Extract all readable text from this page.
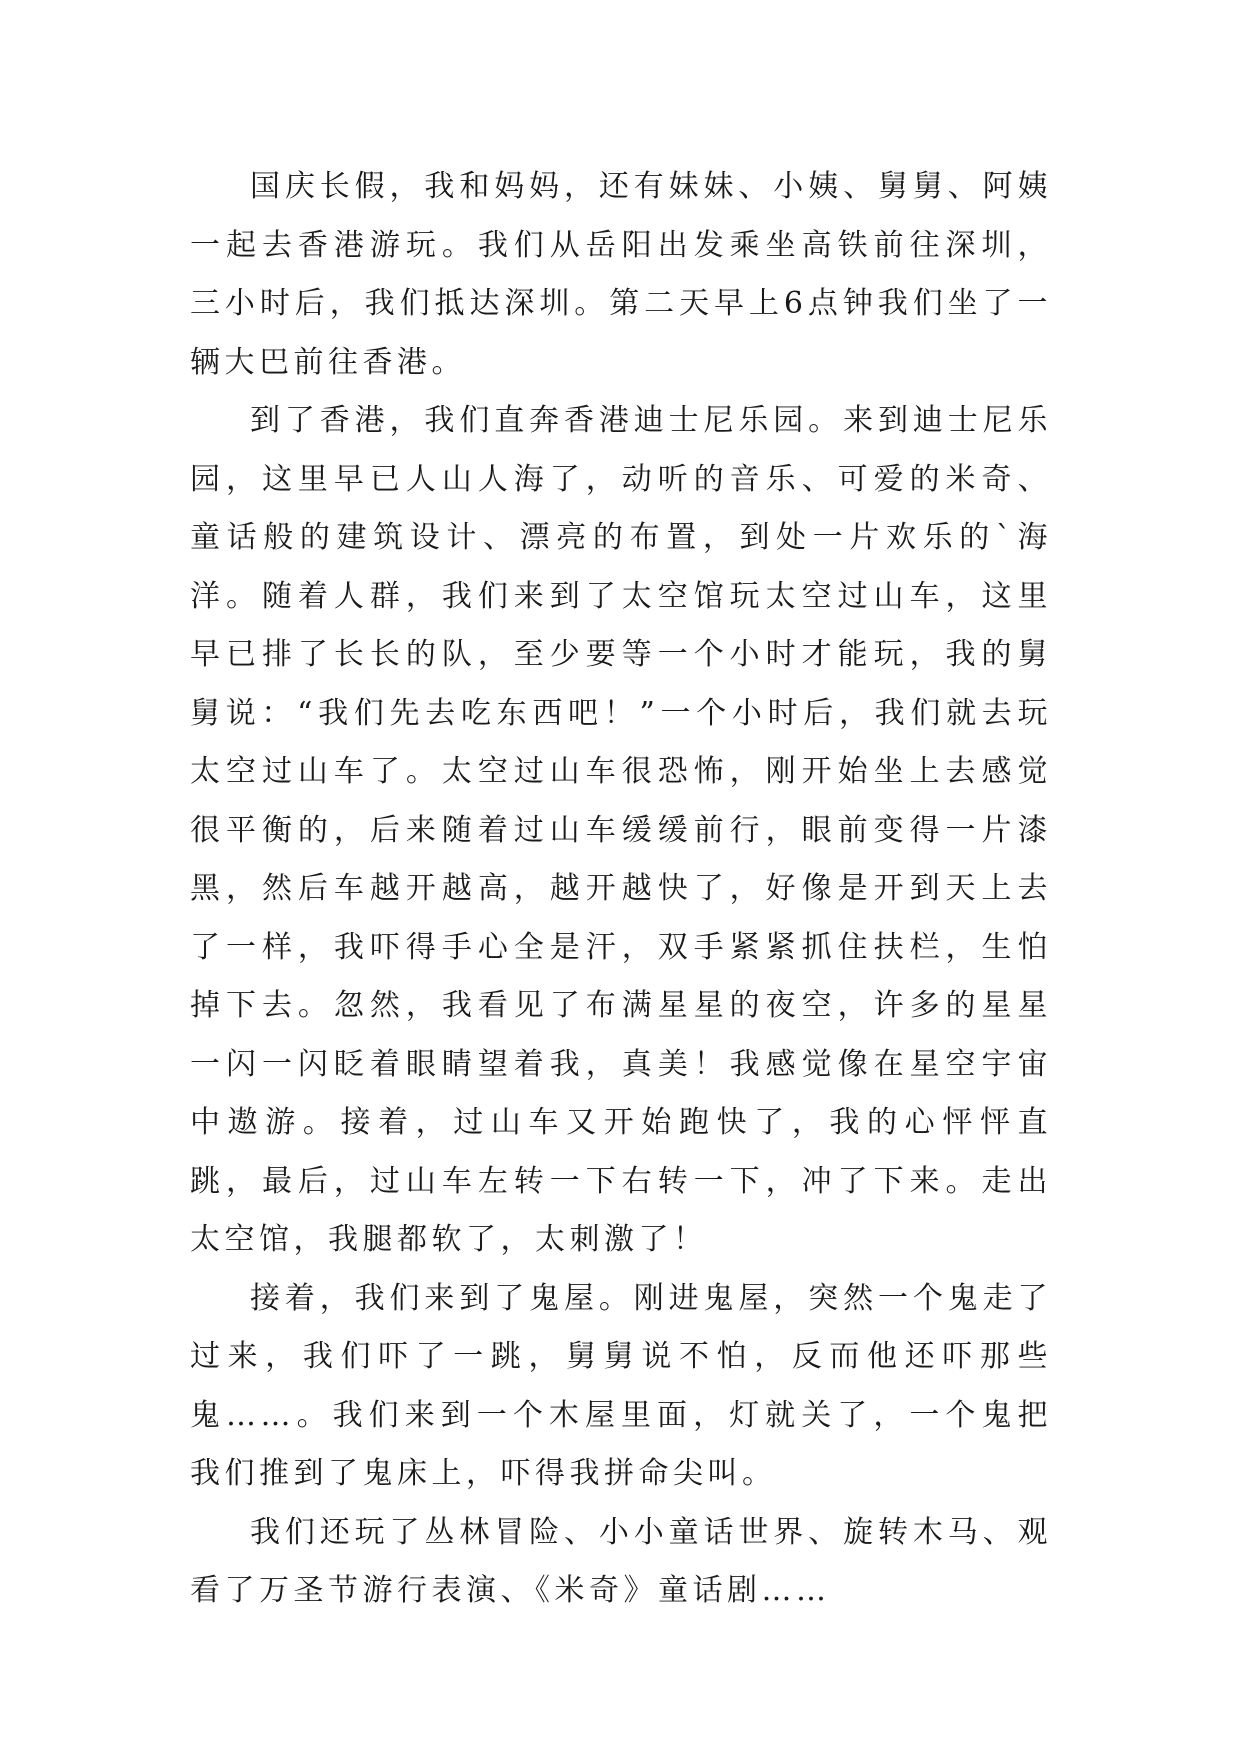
国庆长假，我和妈妈，还有妹妹、小姨、舅舅、阿姨一起去香港游玩。我们从岳阳出发乘坐高铁前往深圳，三小时后，我们抵达深圳。第二天早上6点钟我们坐了一辆大巴前往香港。

到了香港，我们直奔香港迪士尼乐园。来到迪士尼乐园，这里早已人山人海了，动听的音乐、可爱的米奇、童话般的建筑设计、漂亮的布置，到处一片欢乐的`海洋。随着人群，我们来到了太空馆玩太空过山车，这里早已排了长长的队，至少要等一个小时才能玩，我的舅舅说：“我们先去吃东西吧！”一个小时后，我们就去玩太空过山车了。太空过山车很恐怖，刚开始坐上去感觉很平衡的，后来随着过山车缓缓前行，眼前变得一片漆黑，然后车越开越高，越开越快了，好像是开到天上去了一样，我吓得手心全是汗，双手紧紧抓住扶栏，生怕掉下去。忽然，我看见了布满星星的夜空，许多的星星一闪一闪眨着眼睛望着我，真美！我感觉像在星空宇宙中遨游。接着，过山车又开始跑快了，我的心怦怦直跳，最后，过山车左转一下右转一下，冲了下来。走出太空馆，我腿都软了，太刺激了！

接着，我们来到了鬼屋。刚进鬼屋，突然一个鬼走了过来，我们吓了一跳，舅舅说不怕，反而他还吓那些鬼……。我们来到一个木屋里面，灯就关了，一个鬼把我们推到了鬼床上，吓得我拼命尖叫。

我们还玩了丛林冒险、小小童话世界、旋转木马、观看了万圣节游行表演、《米奇》童话剧……
